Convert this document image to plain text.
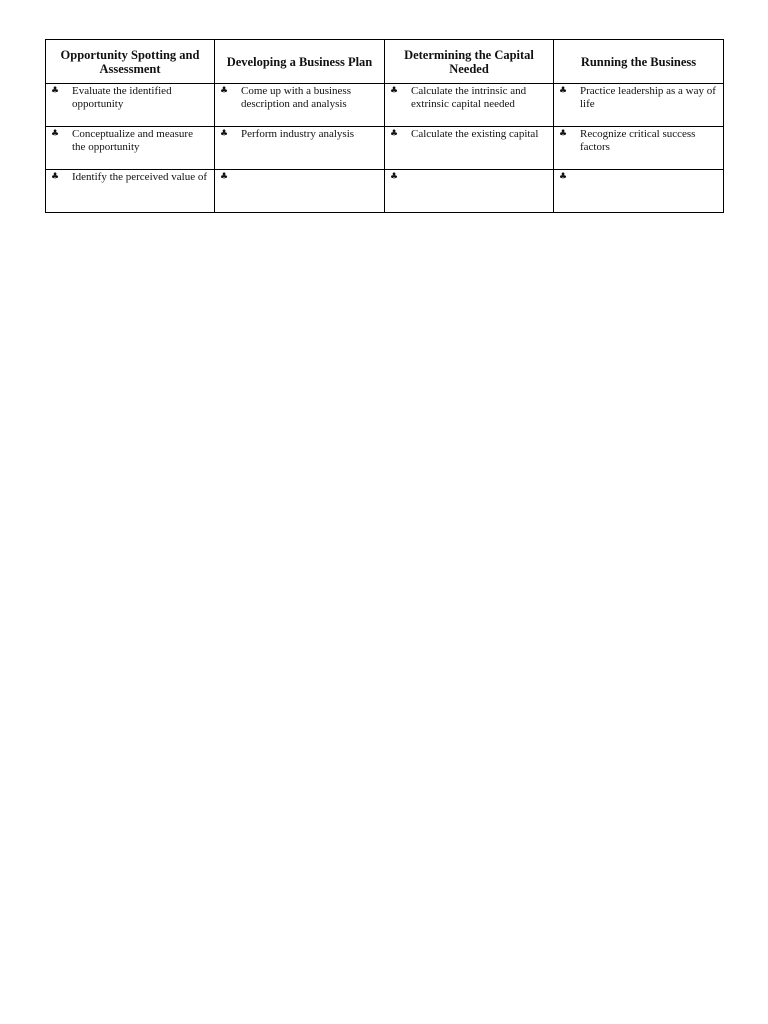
Opportunity Spotting and Assessment	Developing a Business Plan	Determining the Capital Needed	Running the Business

♣ Evaluate the identified opportunity	♣ Come up with a business description and analysis	♣ Calculate the intrinsic and extrinsic capital needed	♣ Practice leadership as a way of life

♣ Conceptualize and measure the opportunity	♣ Perform industry analysis	♣ Calculate the existing capital	♣ Recognize critical success factors

♣ Identify the perceived value of	♣	♣	♣
